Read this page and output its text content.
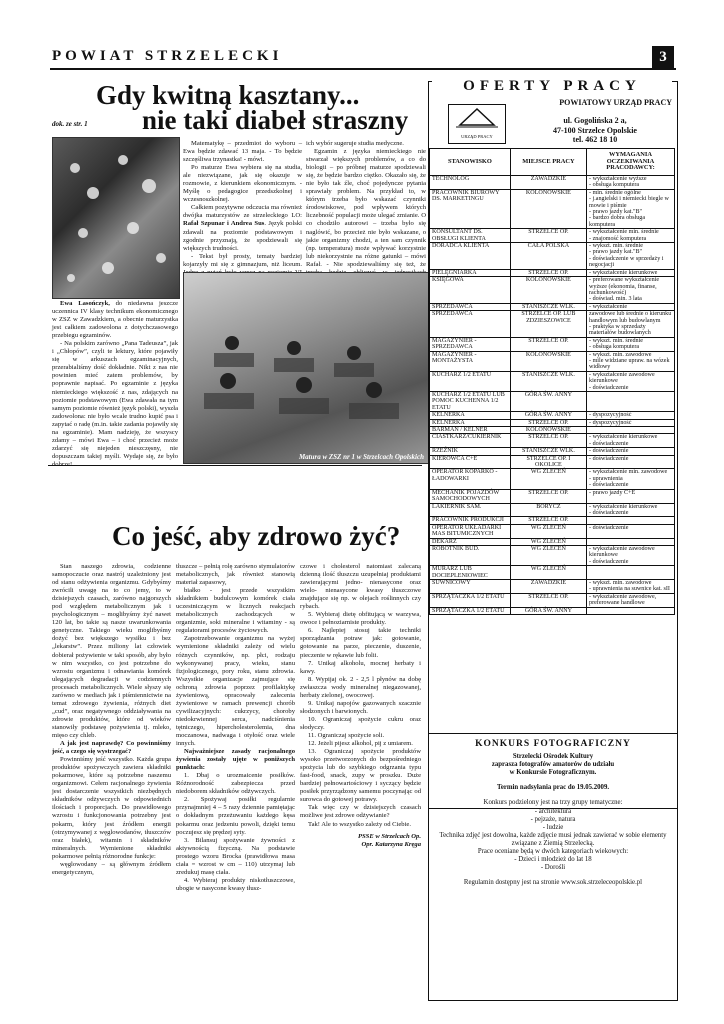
POWIAT STRZELECKI	3
Gdy kwitną kasztany...
nie taki diabeł straszny
dok. ze str. 1

Ewa Lasończyk, do niedawna jeszcze uczennica IV klasy technikum ekonomicznego w ZSZ w Zawadzkiem, a obecnie maturzystka jest całkiem zadowolona z dotychczasowego przebiegu egzaminów.

- Na polskim zarówno „Pana Tadeusza”, jak i „Chłopów”, czyli te lektury, które pojawiły się w arkuszach egzaminacyjnych, przerabialiśmy dość dokładnie. Nikt z nas nie powinien mieć zatem problemów, by poprawnie napisać. Po egzaminie z języka niemieckiego większość z nas, zdających na poziomie podstawowym (Ewa zdawała na tym samym poziomie również język polski), wyszła zadowolona: nie było wcale trudno kupić psa i zapytać o radę (m.in. takie zadania pojawiły się na egzaminie). Mam nadzieję, że wszyscy zdamy – mówi Ewa – i choć przecież może zdarzyć się niejeden nieszczęsny, nie dopuszczam takiej myśli. Wydaje się, że było

Matematykę – przedmiot do wyboru – Ewa będzie zdawać 13 maja. - To będzie szczęśliwa trzynastka! - mówi.

Po maturze Ewa wybiera się na studia, ale niezwiązane, jak się okazuje w rozmowie, z kierunkiem ekonomicznym. - Myślę o pedagogice przedszkolnej i wczesnoszkolnej.

Całkiem pozytywne odczucia ma również dwójka maturzystów ze strzeleckiego LO: Rafał Szpunar i Andrea Sus. Język polski zdawali na poziomie podstawowym i zgodnie przyznają, że spodziewali się większych trudności.

- Tekst był prosty, tematy bardziej kojarzyły mi się z gimnazjum, niż liceum.

ich wybór sugeruje studia medyczne.

Egzamin z języka niemieckiego nie stwarzał większych problemów, a co do biologii – po próbnej maturze spodziewali się, że będzie bardzo ciężko. Okazało się, że nie było tak źle, choć pojedyncze pytania sprawiały problem. Na przykład to, w którym trzeba było wskazać czynniki środowiskowe, pod wpływem których liczebność populacji może ulegać zmianie. O co chodziło autorowi – trzeba było się naglówić, bo przecież nie było wskazane, o jakie organizmy chodzi, a ten sam czynnik (np. temperatura) może wpływać korzystnie lub niekorzystnie na różne gatunki – mówi Rafał. - Nie spodziewaliśmy się też, że

Matura w ZSZ nr 1 w Strzelcach Opolskich
Co jeść, aby zdrowo żyć?

Stan naszego zdrowia, codzienne samopoczucie oraz nastrój uzależniony jest od stanu odżywienia organizmu. Gdybyśmy zwrócili uwagę na to co jemy, to w dzisiejszych czasach, zarówno najgorszych pod względem metabolicznym jak i psychologicznym – moglibyśmy żyć nawet 120 lat, bo takie są nasze uwarunkowania genetyczne. Takiego wieku moglibyśmy dożyć bez większego wysiłku i bez „lekarstw”. Przez miliony lat człowiek dobierał pożywienie w taki sposób, aby było w nim wszystko, co jest potrzebne do wzrostu organizmu i odnawiania komórek ulegających degradacji w codziennych procesach metabolicznych. Wiele słyszy się zarówno w mediach jak i piśmiennictwie na temat zdrowego żywienia, różnych diet „cud”, oraz negatywnego oddziaływania na zdrowie produktów, które od wieków stanowiły podstawę pożywienia tj. mleko, mięso czy chleb.

A jak jest naprawdę? Co powinniśmy jeść, a czego się wystrzegać?

Powinniśmy jeść wszystko. Każda grupa produktów spożywczych zawiera składniki pokarmowe, które są potrzebne naszemu organizmowi. Cełem racjonalnego żywienia jest dostarczenie wszystkich niezbędnych składników odżywczych w odpowiednich ilościach i proporcjach. Do prawidłowego wzrostu i funkcjonowania potrzebny jest pokarm, który jest źródłem energii (otrzymywanej z węglowodanów, tłuszczów oraz białek), witamin i składników mineralnych. Wymienione składniki pokarmowe pełnią różnorodne funkcje:

węglowodany – są głównym źródłem energetycznym,

tłuszcze – pełnią rolę zarówno stymulatorów metabolicznych, jak również stanowią materiał zapasowy,

białko - jest przede wszystkim składnikiem budulcowym komórek ciała uczestniczącym w licznych reakcjach metabolicznych zachodzących w organizmie, soki mineralne i witaminy - są regulatorami procesów życiowych.

Zapotrzebowanie organizmu na wyżej wymienione składniki zależy od wielu różnych czynników, np. płci, rodzaju wykonywanej pracy, wieku, stanu fizjologicznego, pory roku, stanu zdrowia. Wszystkie organizacje zajmujące się ochroną zdrowia poprzez profilaktykę żywieniową, opracowały zalecenia żywieniowe w ramach prewencji chorób cywilizacyjnych: cukrzycy, choroby niedokrwiennej serca, nadciśnienia tętniczego, hipercholesterolemia, dna moczanowa, nadwaga i otyłość oraz wiele innych.

Najważniejsze zasady racjonalnego żywienia zostały ujęte w poniższych punktach:

1. Dbaj o urozmaicenie posiłków. Różnorodność zabezpiecza przed niedoborem składników odżywczych.

2. Spożywaj posiłki regularnie przynajmniej 4 – 5 razy dziennie pamiętając o dokładnym przeżuwaniu każdego kęsa pokarmu oraz jedzeniu powoli, dzięki temu poczujesz się prędzej syty.

3. Bilansuj spożywanie żywności z aktywnością fizyczną. Na podstawie prostego wzoru Brocka (prawidłowa masa ciała = wzrost w cm – 110) utrzymaj lub zredukuj masę ciała.

4. Wybieraj produkty niskotłuszczowe, ubogie w nasycone kwasy tłusz-

czowe i cholesterol natomiast zalecaną dzienną ilość tłuszczu uzupełniaj produktami zawierającymi jedno- nienasycone oraz wielo- nienasycone kwasy tłuszczowe znajdujące się np. w olejach roślinnych czy rybach.

5. Wybieraj dietę obfitującą w warzywa, owoce i pełnoziarniste produkty.

6. Najlepiej stosuj takie techniki sporządzania potraw jak: gotowanie, gotowanie na parze, pieczenie, duszenie, pieczenie w rękawie lub folii.

7. Unikaj alkoholu, mocnej herbaty i kawy.

8. Wypijaj ok. 2 - 2,5 l płynów na dobę zwłaszcza wody mineralnej niegazowanej, herbaty zielonej, owocowej.

9. Unikaj napojów gazowanych szacznie słodzonych i barwionych.

10. Ograniczaj spożycie cukru oraz słodyczy.

11. Ograniczaj spożycie soli.

12. Jeżeli pijesz alkohol, pij z umiarem.

13. Ograniczaj spożycie produktów wysoko przetworzonych do bezpośredniego spożycia lub do szybkiego odgrzania typu fast-food, snack, zupy w proszku. Duże bardziej pełnowartościowy i syczący będzie posiłek przyrządzony samemu poczynając od surowca do gotowej potrawy.

Tak więc czy w dzisiejszych czasach możliwe jest zdrowe odżywianie?

Tak! Ale to wszystko zależy od Ciebie.

PSSE w Strzelcach Op.

Opr. Katarzyna Kręga

OFERTY PRACY
POWIATOWY URZĄD PRACY
ul. Gogolińska 2 a,
47-100 Strzelce Opolskie
tel. 462 18 10
URZĄD PRACY
STANOWISKO	MIEJSCE PRACY	WYMAGANIA OCZEKIWANIA PRACODAWCY:
TECHNOLOG	ZAWADZKIE	- wykształcenie wyższe
- obsługa komputera
PRACOWNIK BIUROWY DS. MARKETINGU	KOLONOWSKIE	- min. średnie ogólne
- j.angielski i niemiecki biegle w mowie i piśmie
- prawo jazdy kat."B"
- bardzo dobra obsługa komputera
KONSULTANT DS. OBSŁUGI KLIENTA	STRZELCE OP.	- wykształcenie min. średnie
- znajomość komputera
DORADCA KLIENTA	CAŁA POLSKA	- wykszt. min. średnie
- prawo jazdy kat."B"
- doświadczenie w sprzedaży i negocjacji
PIELĘGNIARKA	STRZELCE OP.	- wykształcenie kierunkowe
KSIĘGOWA	KOLONOWSKIE	- preferowane wykształcenie wyższe (ekonomia, finanse, rachunkowość)
- doświad. min. 3 lata
SPRZEDAWCA	STANISZCZE WLK.	- wykształcenie
SPRZEDAWCA	STRZELCE OP. LUB ZDZIESZOWICE	zawodowe lub średnie o kierunku handlowym lub budowlanym
- praktyka w sprzedaży materiałów budowlanych
MAGAZYNIER - SPRZEDAWCA	STRZELCE OP.	- wykszt. min. średnie
- obsługa komputera
MAGAZYNIER - MONTAŻYSTA	KOLONOWSKIE	- wykszt. min. zawodowe
- mile widziane upraw. na wózek widłowy
KUCHARZ 1/2 ETATU	STANISZCZE WLK.	- wykształcenie zawodowe kierunkowe
- doświadczenie
KUCHARZ 1/2 ETATU LUB POMOC KUCHENNA 1/2 ETATU	GÓRA ŚW. ANNY	
KELNERKA	GÓRA ŚW. ANNY	- dyspozycyjność
KELNERKA	STRZELCE OP.	- dyspozycyjność
BARMAN / KELNER	KOLONOWSKIE	
CIASTKARZ/CUKIERNIK	STRZELCE OP.	- wykształcenie kierunkowe
- doświadczenie
RZEŹNIK	STANISZCZE WLK.	- doświadczenie
KIEROWCA C+E	STRZELCE OP. I OKOLICE	- doświadczenie
OPERATOR KOPARKO - ŁADOWARKI	WG ZLECEŃ	- wykształcenie min. zawodowe
- uprawnienia
- doświadczenie
MECHANIK POJAZDÓW SAMOCHODOWYCH	STRZELCE OP.	- prawo jazdy C+E
LAKIERNIK SAM.	BORYCZ	- wykształcenie kierunkowe
- doświadczenie
PRACOWNIK PRODUKCJI	STRZELCE OP.	
OPERATOR UKŁADARKI MAS BITUMICZNYCH	WG ZLECEŃ	- doświadczenie
DEKARZ	WG ZLECEŃ	
ROBOTNIK BUD.	WG ZLECEŃ	- wykształcenie zawodowe kierunkowe
- doświadczenie
MURARZ LUB DOCIEPLENIOWIEC	WG ZLECEŃ	
SUWNICOWY	ZAWADZKIE	- wykszt. min. zawodowe
- uprawnienia na suwnice kat. sII
SPRZĄTACZKA 1/2 ETATU	STRZELCE OP.	- wykształcenie zawodowe, preferowane handlowe
SPRZĄTACZKA 1/2 ETATU	GÓRA ŚW. ANNY	
KONKURS FOTOGRAFICZNY
Strzelecki Ośrodek Kultury
zaprasza fotografów amatorów do udziału
w Konkursie Fotograficznym.
Termin nadsyłania prac do 19.05.2009.
Konkurs podzielony jest na trzy grupy tematyczne:
- architektura
- pejzaże, natura
- ludzie
Technika zdjęć jest dowolna, każde zdjęcie musi jednak zawierać w sobie elementy związane z Ziemią Strzelecką.
Prace oceniane będą w dwóch kategoriach wiekowych:
- Dzieci i młodzież do lat 18
- Dorośli
Regulamin dostępny jest na stronie www.sok.strzeleceopolskie.pl
